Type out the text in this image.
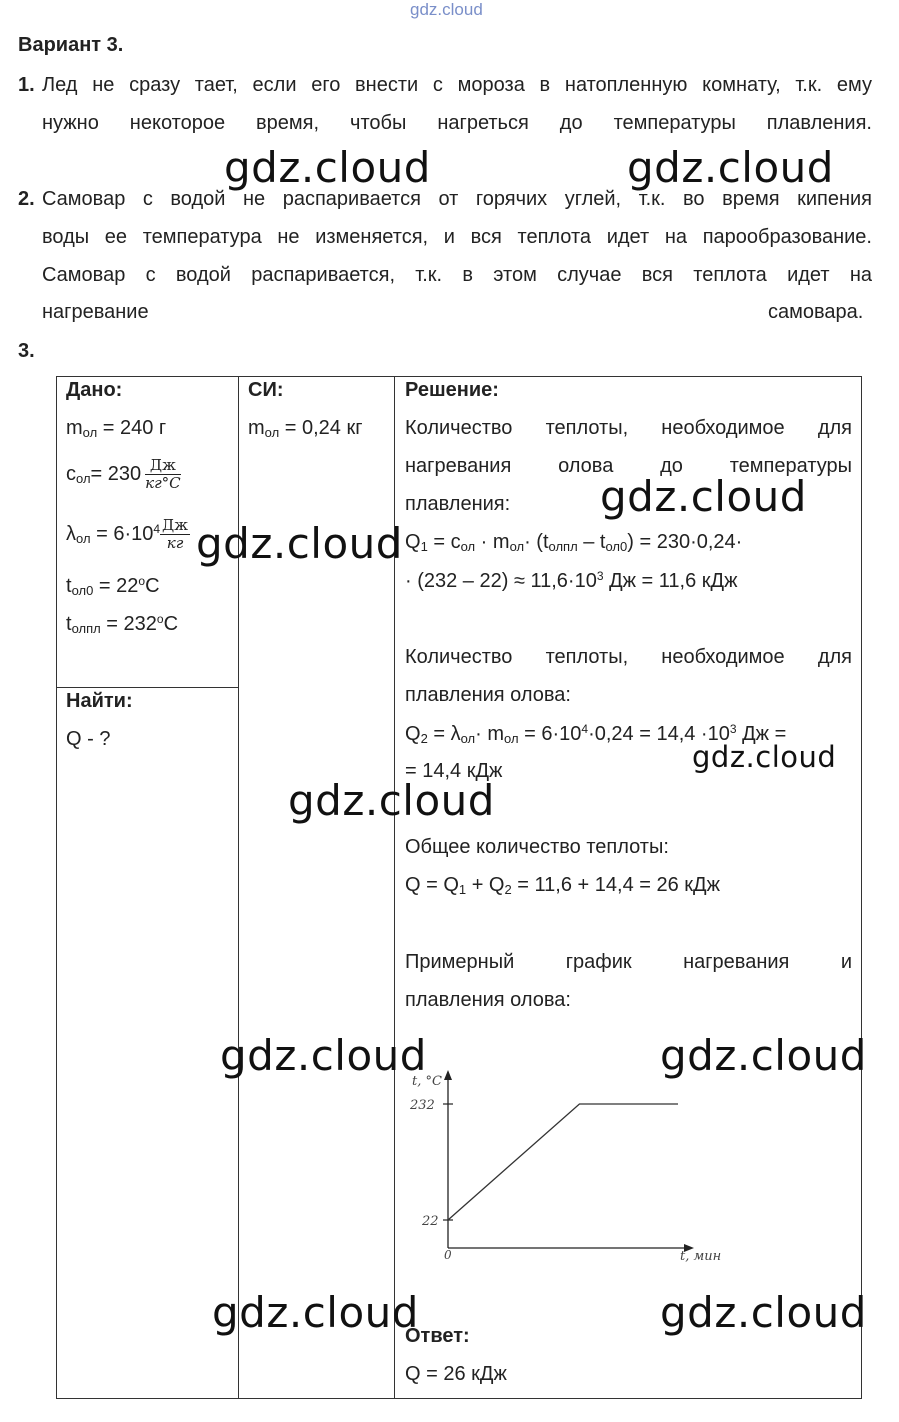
gdz.cloud
Вариант 3.
1. Лед не сразу тает, если его внести с мороза в натопленную комнату, т.к. ему
нужно некоторое время, чтобы нагреться до температуры плавления.
2. Самовар с водой не распаривается от горячих углей, т.к. во время кипения
воды ее температура не изменяется, и вся теплота идет на парообразование.
Самовар с водой распаривается, т.к. в этом случае вся теплота идет на
нагревание	самовара.
3.
Дано:
$m_{ол} = 240$ г
$c_{ол}= 230 \frac{Дж}{кг^\circ C}$
$\lambda_{ол} = 6\cdot 10^4 \frac{Дж}{кг}$
$t_{ол0} = 22^oC$
$t_{олпл} = 232^oC$
Найти:
Q - ?
СИ:
$m_{ол} = 0,24$ кг
Решение:
Количество теплоты, необходимое для
нагревания олова до температуры
плавления:
$Q_1 = c_{ол} \cdot m_{ол}\cdot (t_{олпл} - t_{ол0}) = 230\cdot 0,24\cdot$
· $(232 - 22) \approx 11,6\cdot 10^3$ Дж = 11,6 кДж
Количество теплоты, необходимое для
плавления олова:
$Q_2 = \lambda_{ол}\cdot m_{ол} = 6\cdot 10^4\cdot 0,24 = 14,4 \cdot 10^3$ Дж =
= 14,4 кДж
Общее количество теплоты:
$Q = Q_1 + Q_2 = 11,6 + 14,4 = 26$ кДж
Примерный	график	нагревания	и
плавления олова:
t, °C
t, мин
0
232
22
Ответ:
Q = 26 кДж
gdz.cloud	gdz.cloud
gdz.cloud
gdz.cloud
gdz.cloud
gdz.cloud
gdz.cloud	gdz.cloud
gdz.cloud	gdz.cloud
